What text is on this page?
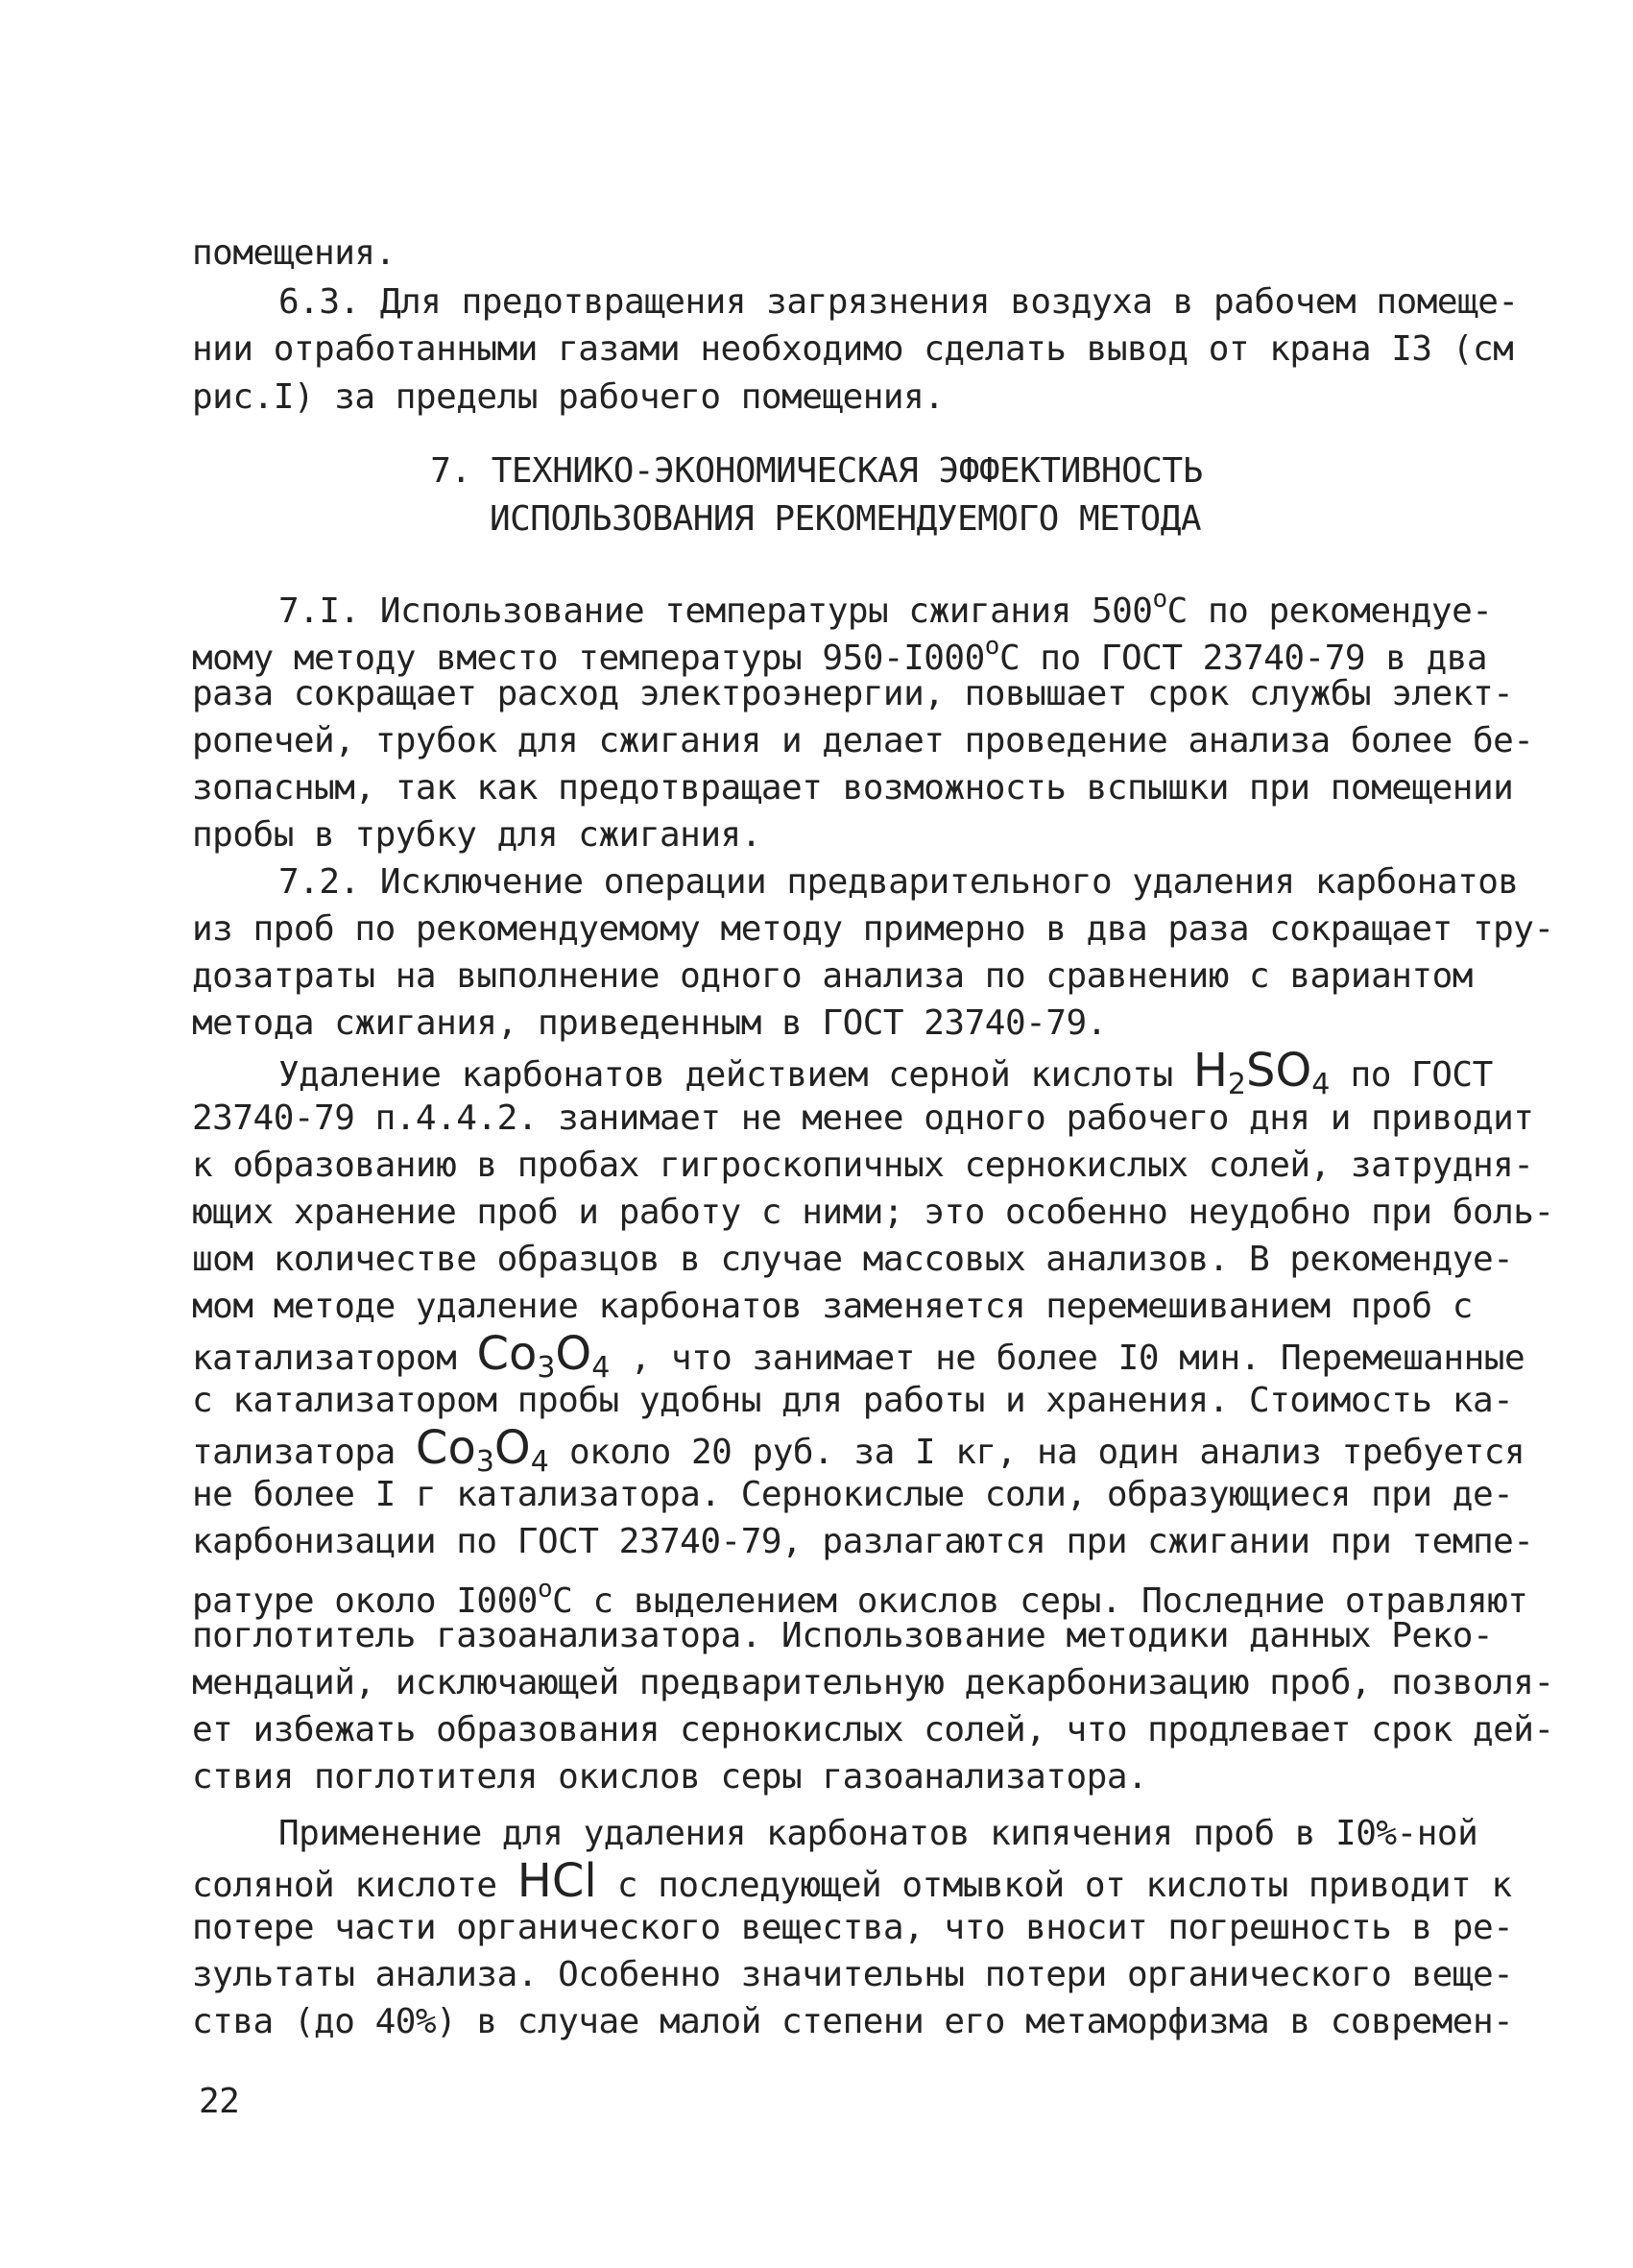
помещения.
6.3. Для предотвращения загрязнения воздуха в рабочем помеще-
нии отработанными газами необходимо сделать вывод от крана I3 (см
рис.I) за пределы рабочего помещения.
7. ТЕХНИКО-ЭКОНОМИЧЕСКАЯ ЭФФЕКТИВНОСТЬ
ИСПОЛЬЗОВАНИЯ РЕКОМЕНДУЕМОГО МЕТОДА
7.I. Использование температуры сжигания $500^оС$ по рекомендуе-
мому методу вместо температуры $950-I000^оС$ по ГОСТ 23740-79 в два
раза сокращает расход электроэнергии, повышает срок службы элект-
ропечей, трубок для сжигания и делает проведение анализа более бе-
зопасным, так как предотвращает возможность вспышки при помещении
пробы в трубку для сжигания.
7.2. Исключение операции предварительного удаления карбонатов
из проб по рекомендуемому методу примерно в два раза сокращает тру-
дозатраты на выполнение одного анализа по сравнению с вариантом
метода сжигания, приведенным в ГОСТ 23740-79.
Удаление карбонатов действием серной кислоты $H_2SO_4$ по ГОСТ
23740-79 п.4.4.2. занимает не менее одного рабочего дня и приводит
к образованию в пробах гигроскопичных сернокислых солей, затрудня-
ющих хранение проб и работу с ними; это особенно неудобно при боль-
шом количестве образцов в случае массовых анализов. В рекомендуе-
мом методе удаление карбонатов заменяется перемешиванием проб с
катализатором $Co_3O_4$ , что занимает не более I0 мин. Перемешанные
с катализатором пробы удобны для работы и хранения. Стоимость ка-
тализатора $Co_3O_4$ около 20 руб. за I кг, на один анализ требуется
не более I г катализатора. Сернокислые соли, образующиеся при де-
карбонизации по ГОСТ 23740-79, разлагаются при сжигании при темпе-
ратуре около $I000^оС$ с выделением окислов серы. Последние отравляют
поглотитель газоанализатора. Использование методики данных Реко-
мендаций, исключающей предварительную декарбонизацию проб, позволя-
ет избежать образования сернокислых солей, что продлевает срок дей-
ствия поглотителя окислов серы газоанализатора.
Применение для удаления карбонатов кипячения проб в I0%-ной
соляной кислоте HCl с последующей отмывкой от кислоты приводит к
потере части органического вещества, что вносит погрешность в ре-
зультаты анализа. Особенно значительны потери органического веще-
ства (до 40%) в случае малой степени его метаморфизма в современ-
22
